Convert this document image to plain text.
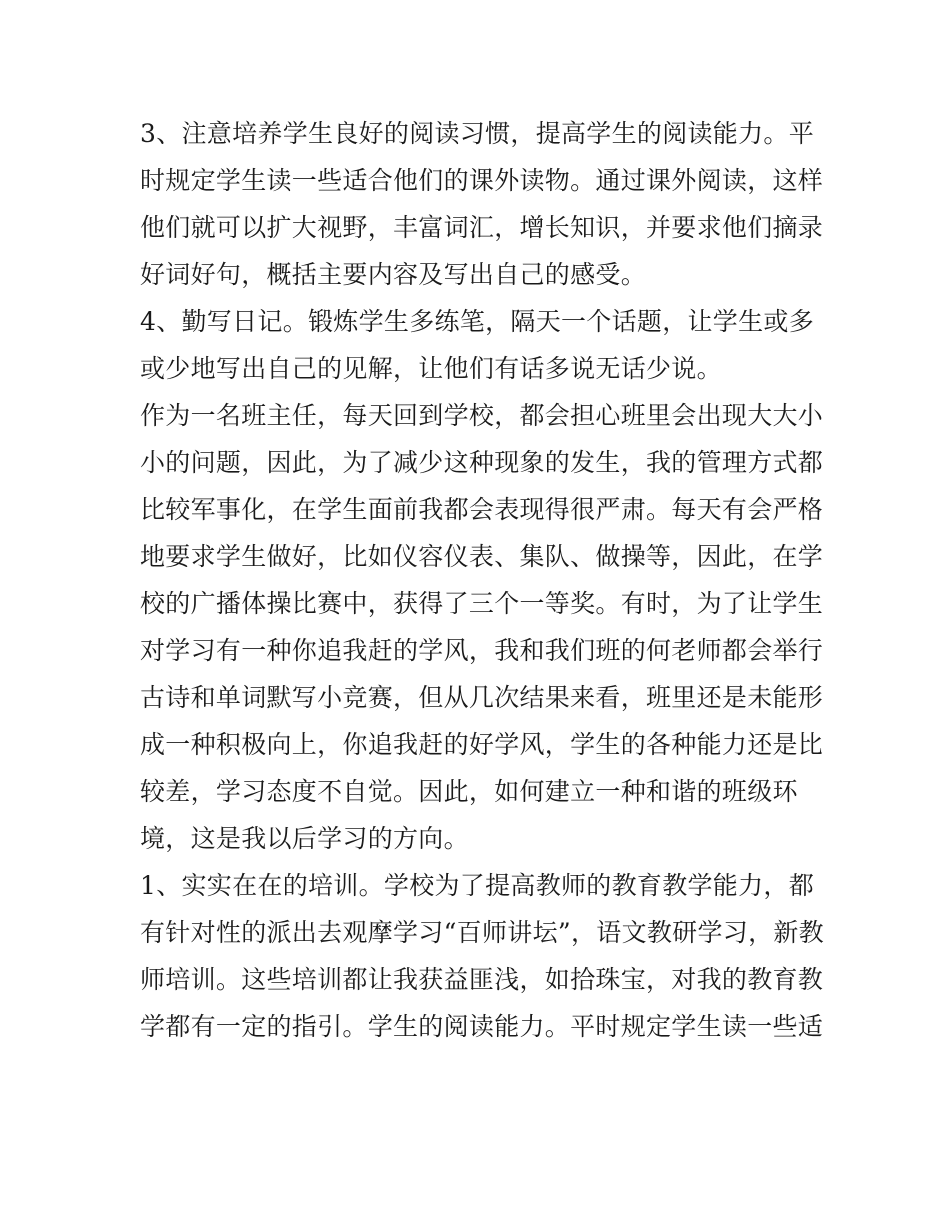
3、注意培养学生良好的阅读习惯，提高学生的阅读能力。平
时规定学生读一些适合他们的课外读物。通过课外阅读，这样
他们就可以扩大视野，丰富词汇，增长知识，并要求他们摘录
好词好句，概括主要内容及写出自己的感受。

4、勤写日记。锻炼学生多练笔，隔天一个话题，让学生或多
或少地写出自己的见解，让他们有话多说无话少说。

作为一名班主任，每天回到学校，都会担心班里会出现大大小
小的问题，因此，为了减少这种现象的发生，我的管理方式都
比较军事化，在学生面前我都会表现得很严肃。每天有会严格
地要求学生做好，比如仪容仪表、集队、做操等，因此，在学
校的广播体操比赛中，获得了三个一等奖。有时，为了让学生
对学习有一种你追我赶的学风，我和我们班的何老师都会举行
古诗和单词默写小竞赛，但从几次结果来看，班里还是未能形
成一种积极向上，你追我赶的好学风，学生的各种能力还是比
较差，学习态度不自觉。因此，如何建立一种和谐的班级环
境，这是我以后学习的方向。

1、实实在在的培训。学校为了提高教师的教育教学能力，都
有针对性的派出去观摩学习“百师讲坛”，语文教研学习，新教
师培训。这些培训都让我获益匪浅，如拾珠宝，对我的教育教
学都有一定的指引。学生的阅读能力。平时规定学生读一些适
